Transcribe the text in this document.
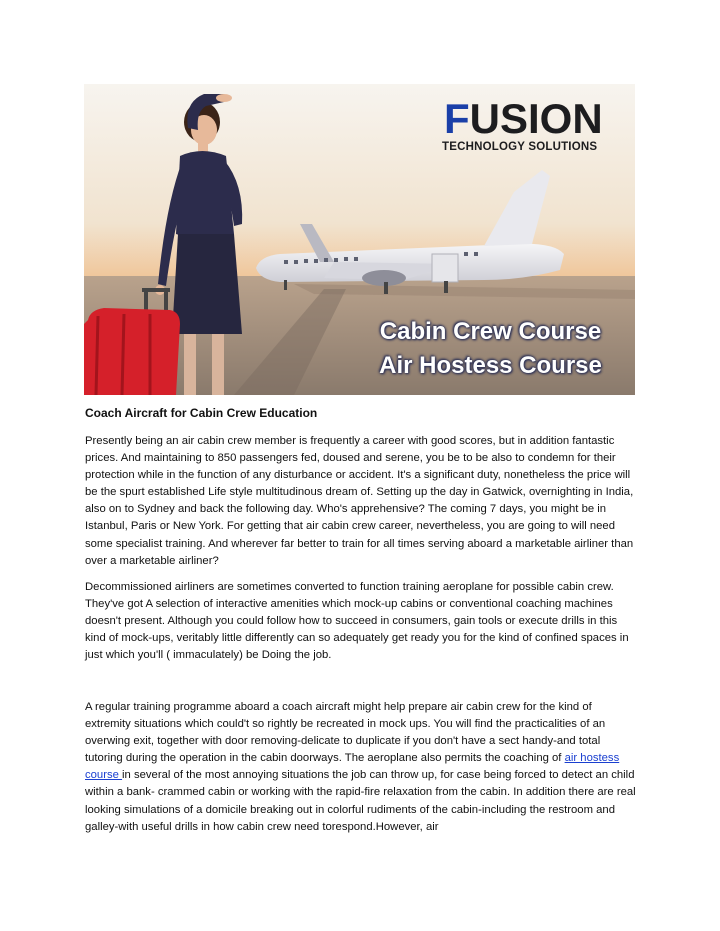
FUSION
TECHNOLOGY SOLUTIONS
Cabin Crew Course
Air Hostess Course
Coach Aircraft for Cabin Crew Education

Presently being an air cabin crew member is frequently a career with good scores, but in addition fantastic prices. And maintaining to 850 passengers fed, doused and serene, you be to be also to condemn for their protection while in the function of any disturbance or accident. It's a significant duty, nonetheless the price will be the spurt established Life style multitudinous dream of. Setting up the day in Gatwick, overnighting in India, also on to Sydney and back the following day. Who's apprehensive? The coming 7 days, you might be in Istanbul, Paris or New York. For getting that air cabin crew career, nevertheless, you are going to will need some specialist training. And wherever far better to train for all times serving aboard a marketable airliner than over a marketable airliner?

Decommissioned airliners are sometimes converted to function training aeroplane for possible cabin crew. They've got A selection of interactive amenities which mock-up cabins or conventional coaching machines doesn't present. Although you could follow how to succeed in consumers, gain tools or execute drills in this kind of mock-ups, veritably little differently can so adequately get ready you for the kind of confined spaces in just which you'll ( immaculately) be Doing the job.

A regular training programme aboard a coach aircraft might help prepare air cabin crew for the kind of extremity situations which could't so rightly be recreated in mock ups. You will find the practicalities of an overwing exit, together with door removing-delicate to duplicate if you don't have a sect handy-and total tutoring during the operation in the cabin doorways. The aeroplane also permits the coaching of air hostess course in several of the most annoying situations the job can throw up, for case being forced to detect an child within a bank- crammed cabin or working with the rapid-fire relaxation from the cabin. In addition there are real looking simulations of a domicile breaking out in colorful rudiments of the cabin-including the restroom and galley-with useful drills in how cabin crew need torespond.However, air
